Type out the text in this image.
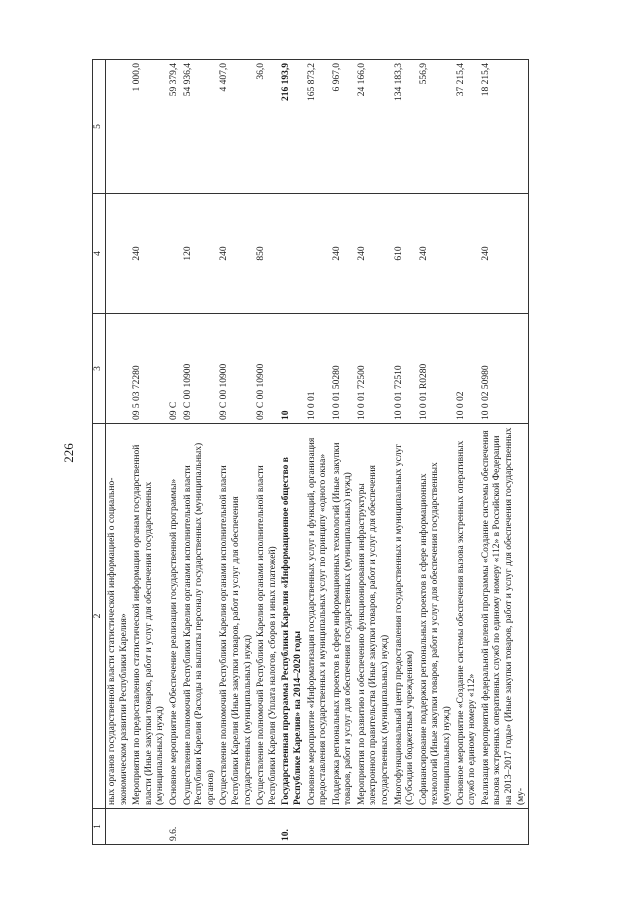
226
1	2	3	4	5
	ных органов государственной власти статистической информацией о социально-экономическом развитии Республики Карелия»			
	Мероприятия по предоставлению статистической информации органам государственной власти (Иные закупки товаров, работ и услуг для обеспечения государственных (муниципальных) нужд)	09 5 03 72280	240	1 000,0
9.6.	Основное мероприятие «Обеспечение реализации государственной программы»	09 С		59 379,4
	Осуществление полномочий Республики Карелия органами исполнительной власти Республики Карелия (Расходы на выплаты персоналу государственных (муниципальных) органов)	09 С 00 10900	120	54 936,4
	Осуществление полномочий Республики Карелия органами исполнительной власти Республики Карелия (Иные закупки товаров, работ и услуг для обеспечения государственных (муниципальных) нужд)	09 С 00 10900	240	4 407,0
	Осуществление полномочий Республики Карелия органами исполнительной власти Республики Карелия (Уплата налогов, сборов и иных платежей)	09 С 00 10900	850	36,0
10.	Государственная программа Республики Карелия «Информационное общество в Республике Карелия» на 2014–2020 годы	10		216 193,9
	Основное мероприятие «Информатизация государственных услуг и функций, организация предоставления государственных и муниципальных услуг по принципу «одного окна»	10 0 01		165 873,2
	Поддержка региональных проектов в сфере информационных технологий (Иные закупки товаров, работ и услуг для обеспечения государственных (муниципальных) нужд)	10 0 01 50280	240	6 967,0
	Мероприятия по развитию и обеспечению функционирования инфраструктуры электронного правительства (Иные закупки товаров, работ и услуг для обеспечения государственных (муниципальных) нужд)	10 0 01 72500	240	24 166,0
	Многофункциональный центр предоставления государственных и муниципальных услуг (Субсидии бюджетным учреждениям)	10 0 01 72510	610	134 183,3
	Софинансирование поддержки региональных проектов в сфере информационных технологий (Иные закупки товаров, работ и услуг для обеспечения государственных (муниципальных) нужд)	10 0 01 R0280	240	556,9
	Основное мероприятие «Создание системы обеспечения вызова экстренных оперативных служб по единому номеру «112»	10 0 02		37 215,4
	Реализация мероприятий федеральной целевой программы «Создание системы обеспечения вызова экстренных оперативных служб по единому номеру «112» в Российской Федерации на 2013–2017 годы» (Иные закупки товаров, работ и услуг для обеспечения государственных (му-	10 0 02 50980	240	18 215,4
